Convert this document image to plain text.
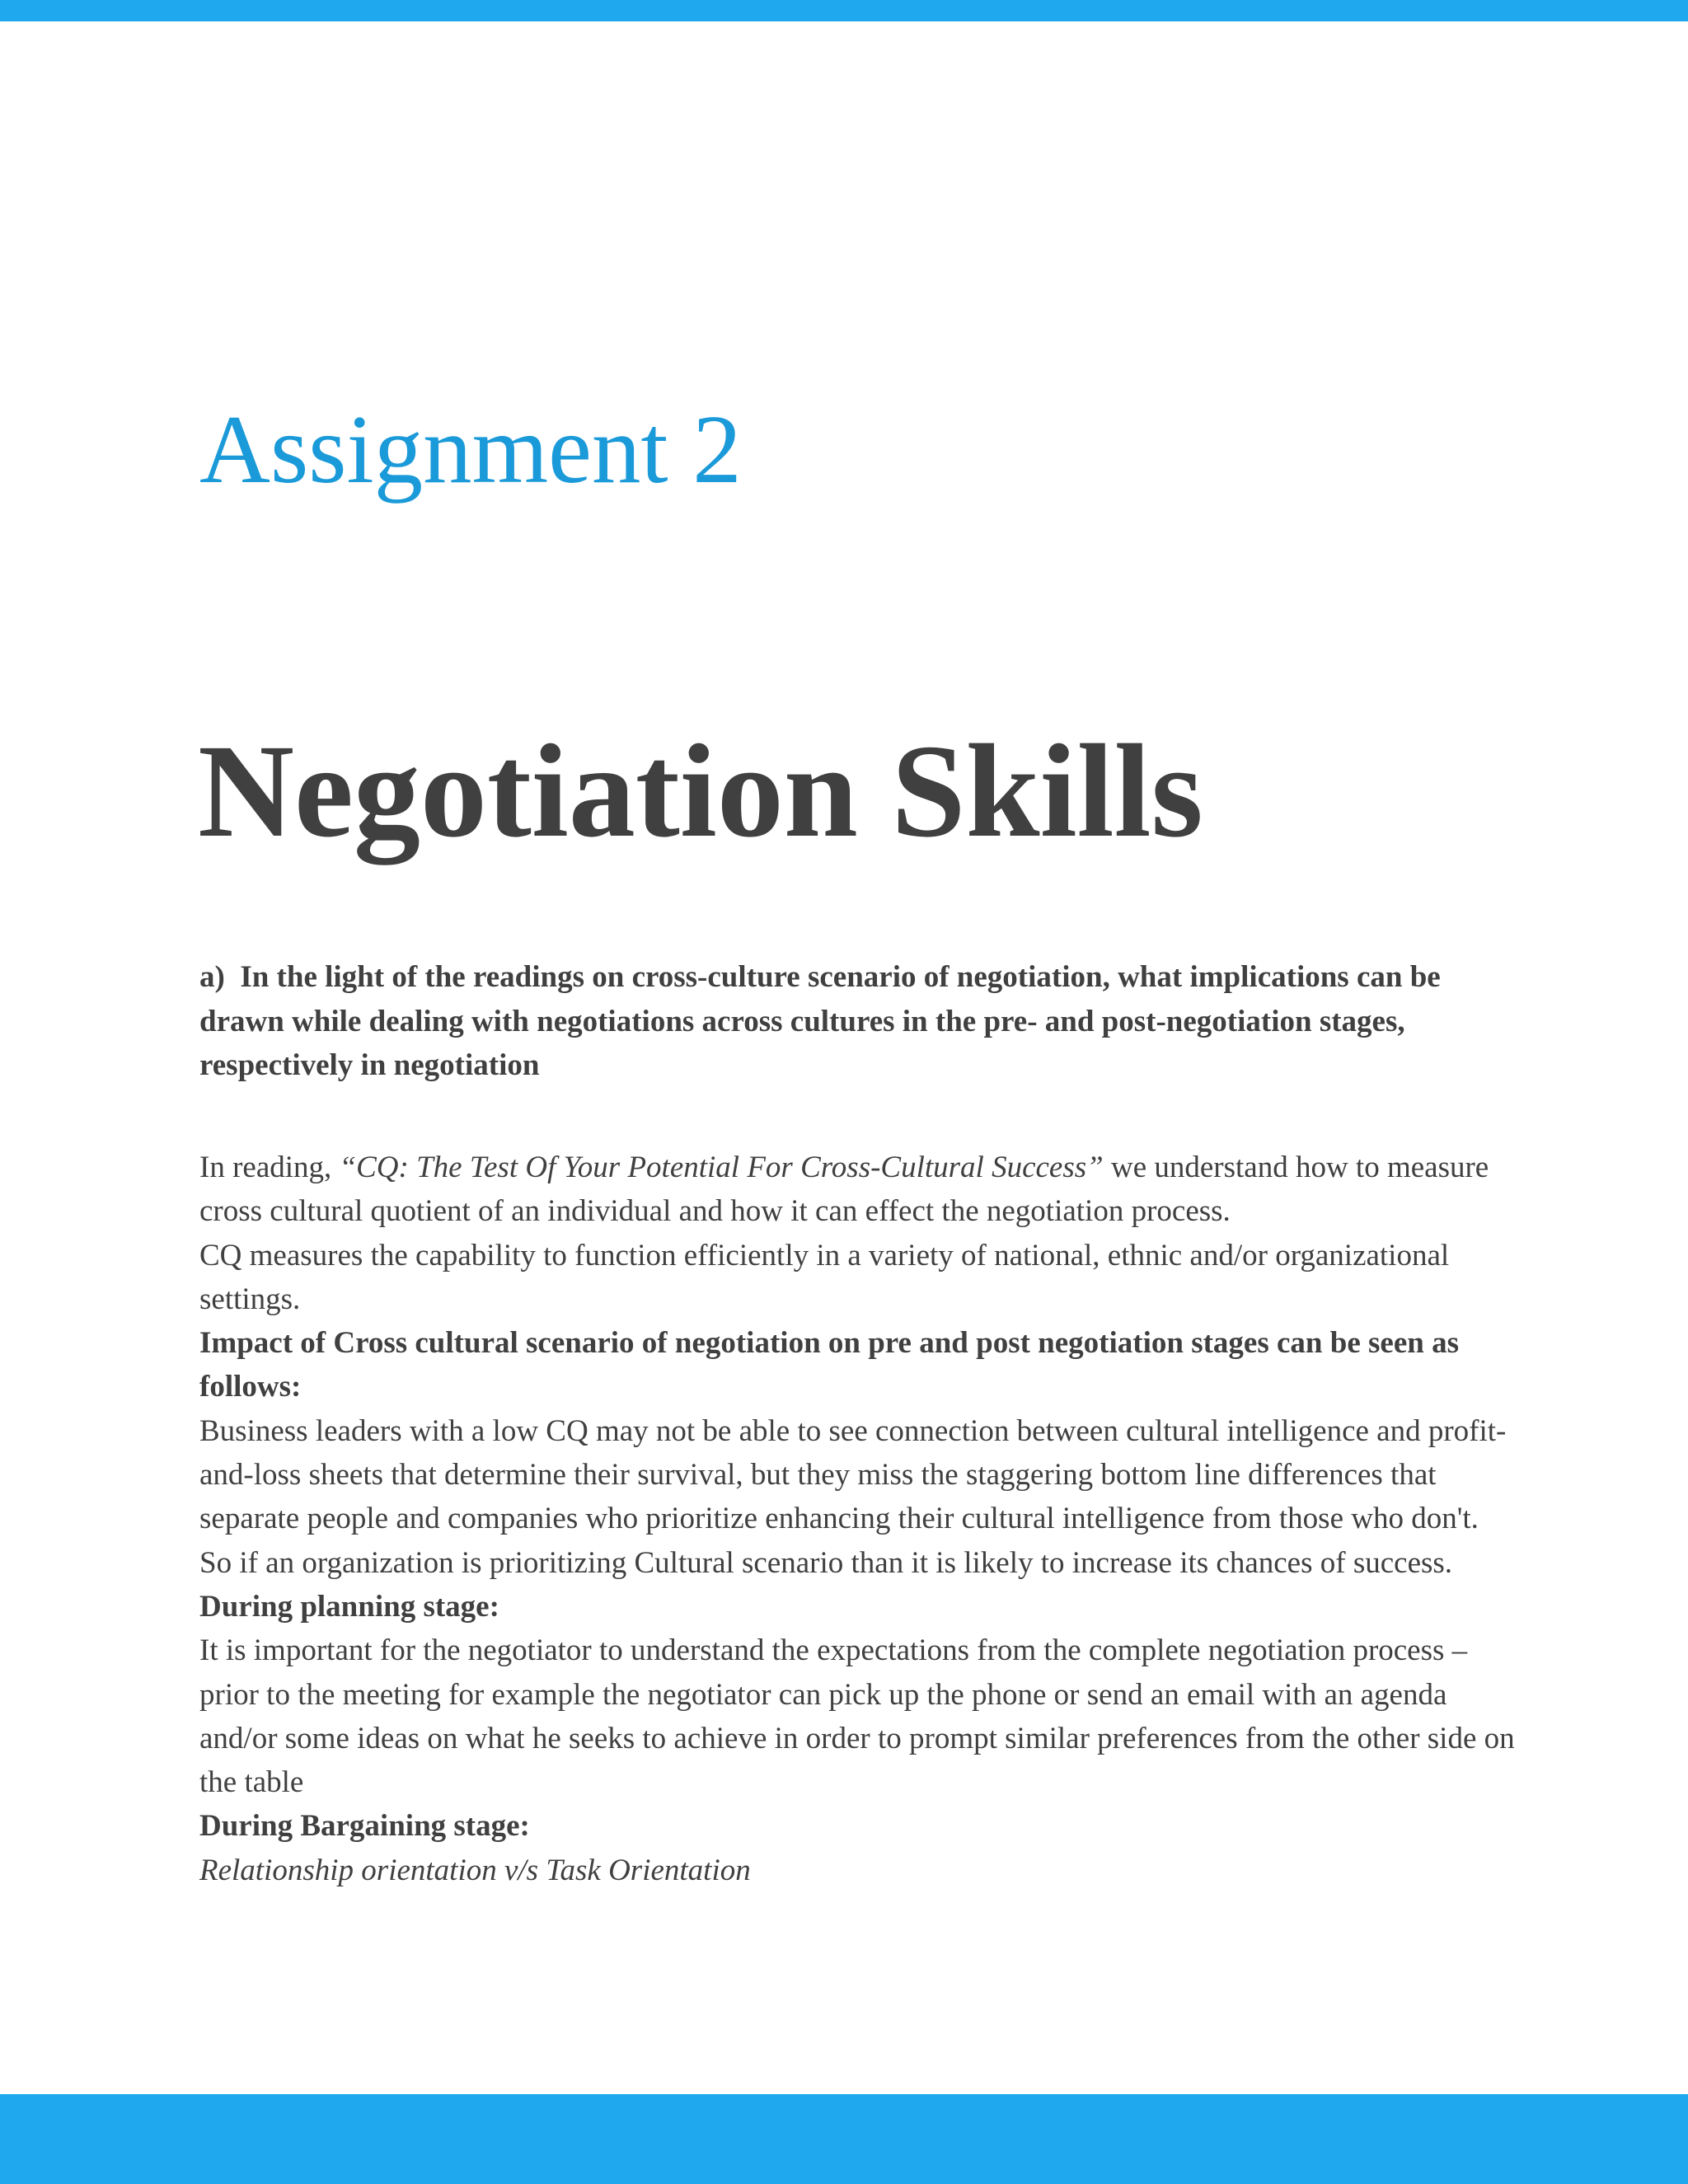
Assignment 2
Negotiation Skills
a) In the light of the readings on cross-culture scenario of negotiation, what implications can be drawn while dealing with negotiations across cultures in the pre- and post-negotiation stages, respectively in negotiation

In reading, “CQ: The Test Of Your Potential For Cross-Cultural Success” we understand how to measure cross cultural quotient of an individual and how it can effect the negotiation process.

CQ measures the capability to function efficiently in a variety of national, ethnic and/or organizational settings.

Impact of Cross cultural scenario of negotiation on pre and post negotiation stages can be seen as follows:

Business leaders with a low CQ may not be able to see connection between cultural intelligence and profit-and-loss sheets that determine their survival, but they miss the staggering bottom line differences that separate people and companies who prioritize enhancing their cultural intelligence from those who don't. So if an organization is prioritizing Cultural scenario than it is likely to increase its chances of success.

During planning stage:

It is important for the negotiator to understand the expectations from the complete negotiation process – prior to the meeting for example the negotiator can pick up the phone or send an email with an agenda and/or some ideas on what he seeks to achieve in order to prompt similar preferences from the other side on the table

During Bargaining stage:

Relationship orientation v/s Task Orientation
